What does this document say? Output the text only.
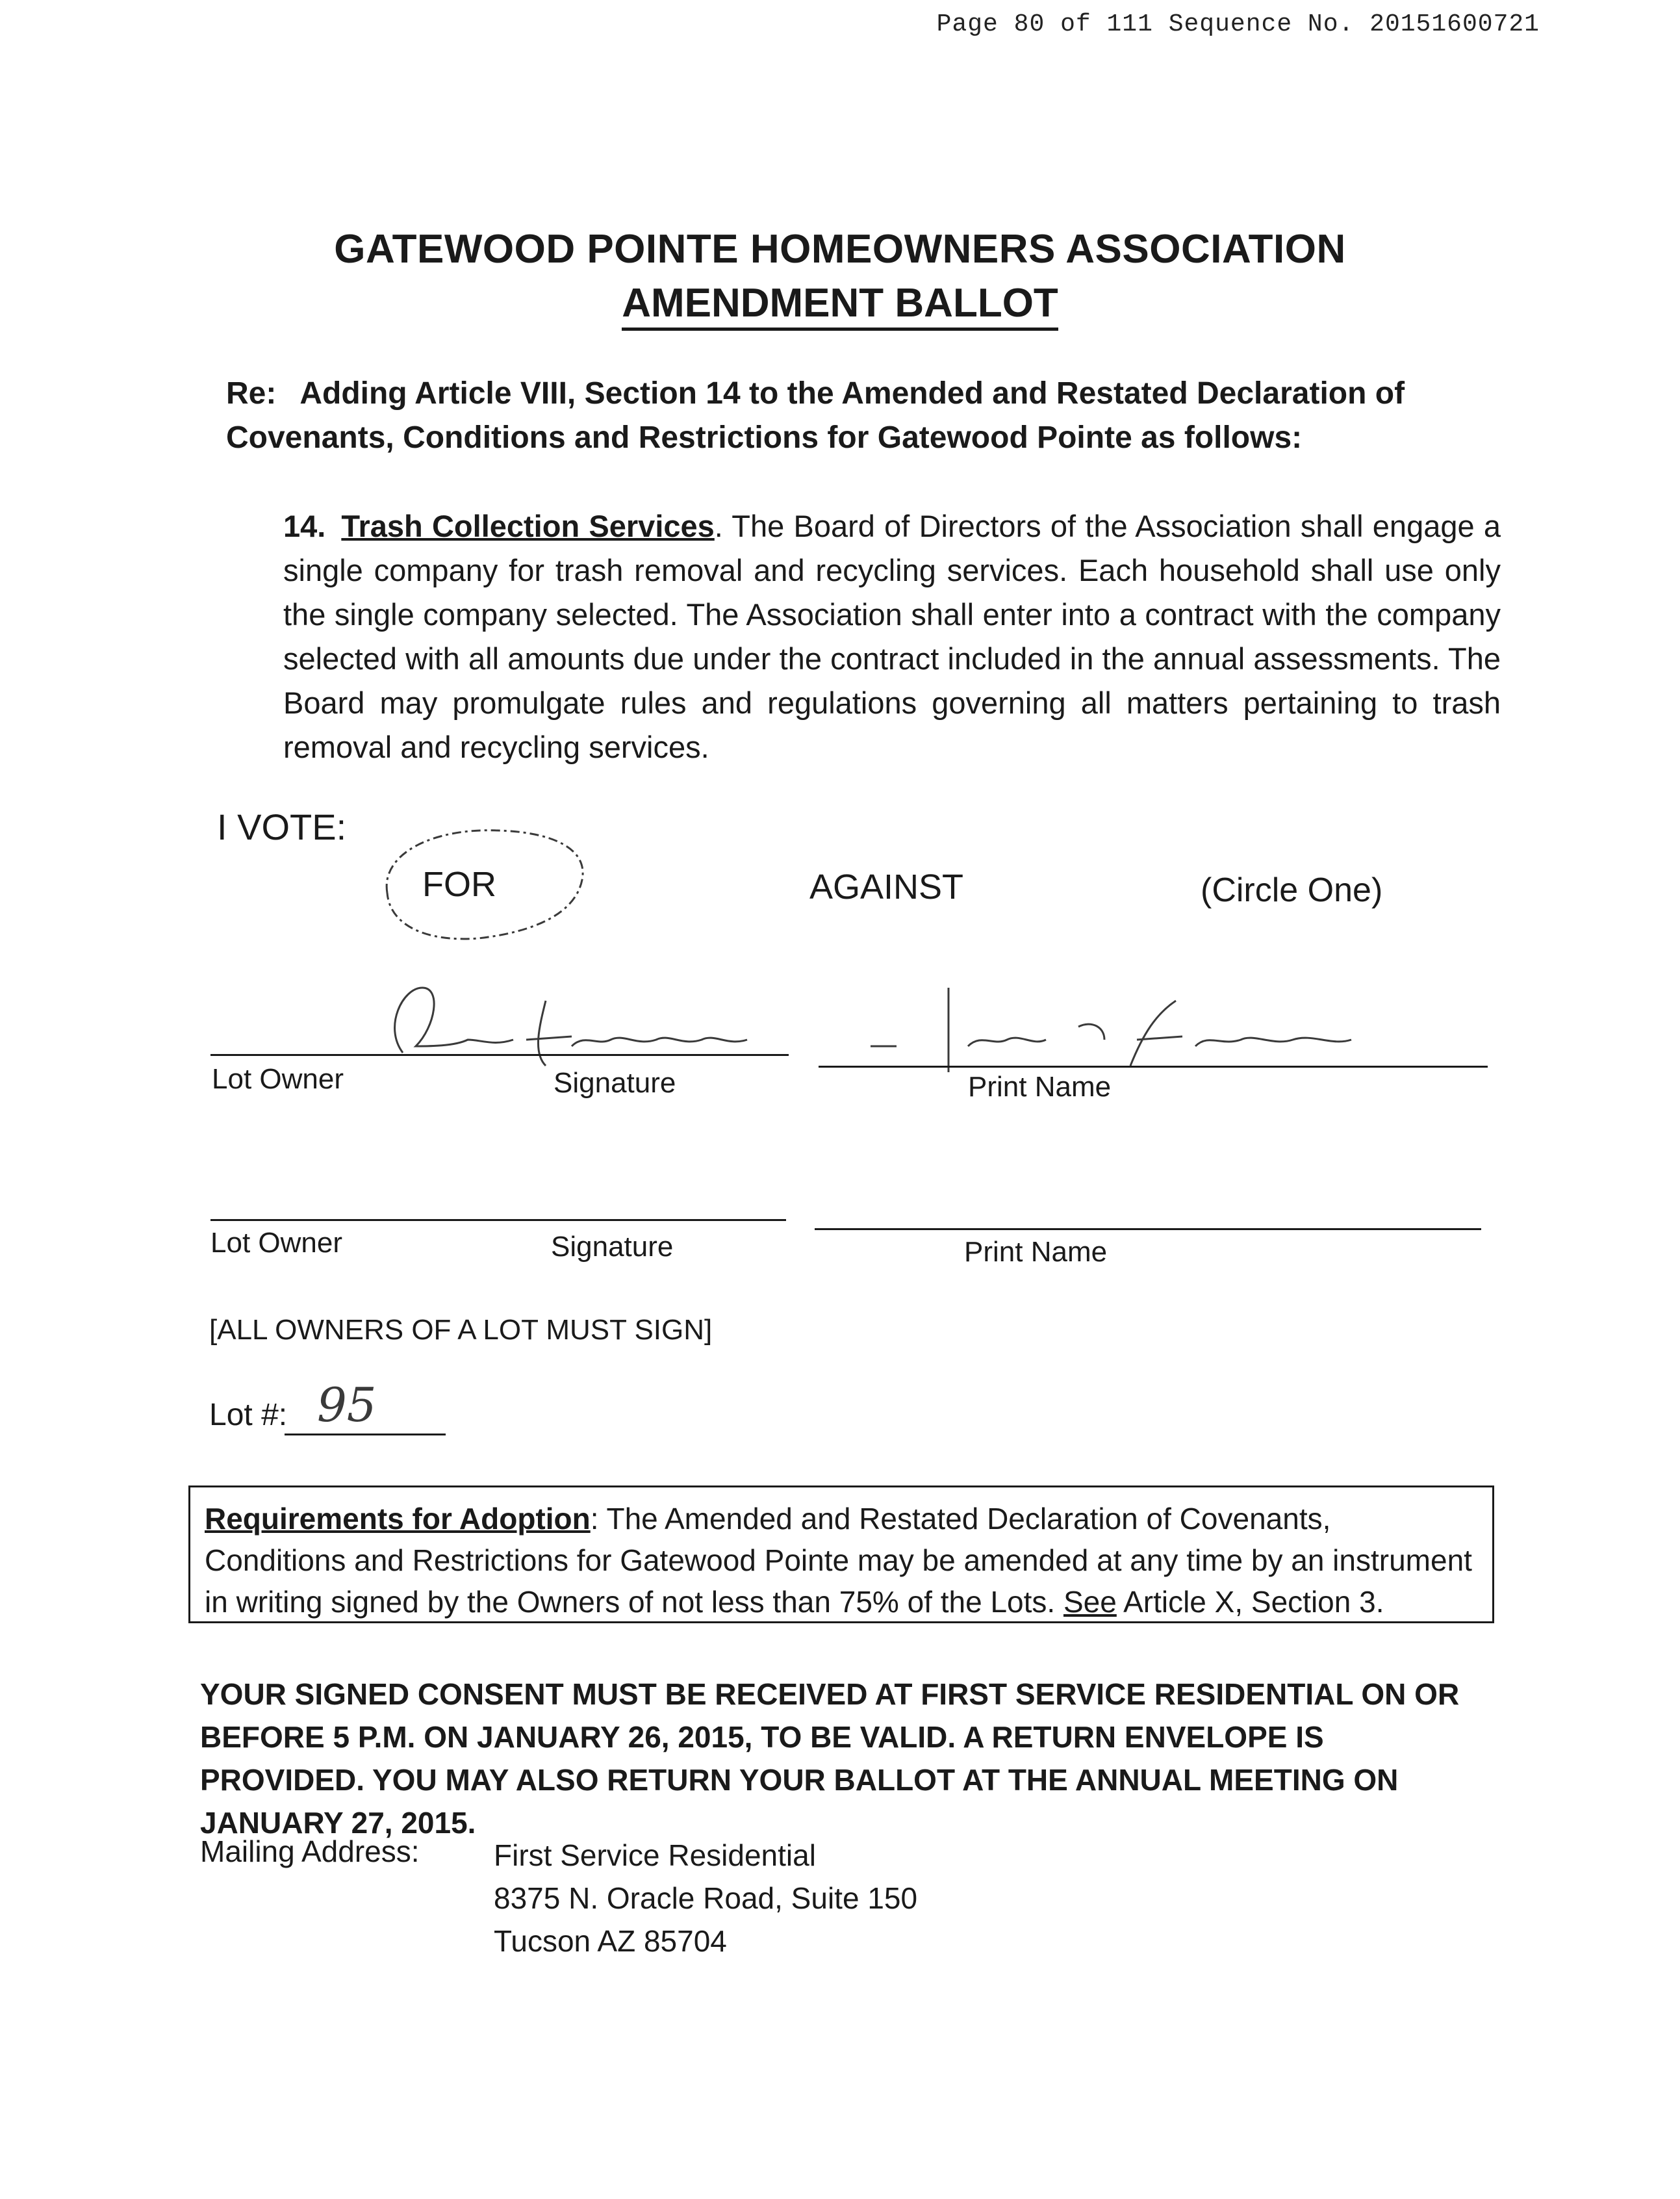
Page 80 of 111 Sequence No. 20151600721
GATEWOOD POINTE HOMEOWNERS ASSOCIATION
AMENDMENT BALLOT
Re: Adding Article VIII, Section 14 to the Amended and Restated Declaration of Covenants, Conditions and Restrictions for Gatewood Pointe as follows:
14. Trash Collection Services. The Board of Directors of the Association shall engage a single company for trash removal and recycling services. Each household shall use only the single company selected. The Association shall enter into a contract with the company selected with all amounts due under the contract included in the annual assessments. The Board may promulgate rules and regulations governing all matters pertaining to trash removal and recycling services.
I VOTE:
FOR	AGAINST	(Circle One)
Lot Owner	Signature	Print Name
Lot Owner	Signature	Print Name
[ALL OWNERS OF A LOT MUST SIGN]
Lot #: 95
Requirements for Adoption: The Amended and Restated Declaration of Covenants, Conditions and Restrictions for Gatewood Pointe may be amended at any time by an instrument in writing signed by the Owners of not less than 75% of the Lots. See Article X, Section 3.
YOUR SIGNED CONSENT MUST BE RECEIVED AT FIRST SERVICE RESIDENTIAL ON OR BEFORE 5 P.M. ON JANUARY 26, 2015, TO BE VALID. A RETURN ENVELOPE IS PROVIDED. YOU MAY ALSO RETURN YOUR BALLOT AT THE ANNUAL MEETING ON JANUARY 27, 2015.
Mailing Address: First Service Residential
8375 N. Oracle Road, Suite 150
Tucson AZ 85704
